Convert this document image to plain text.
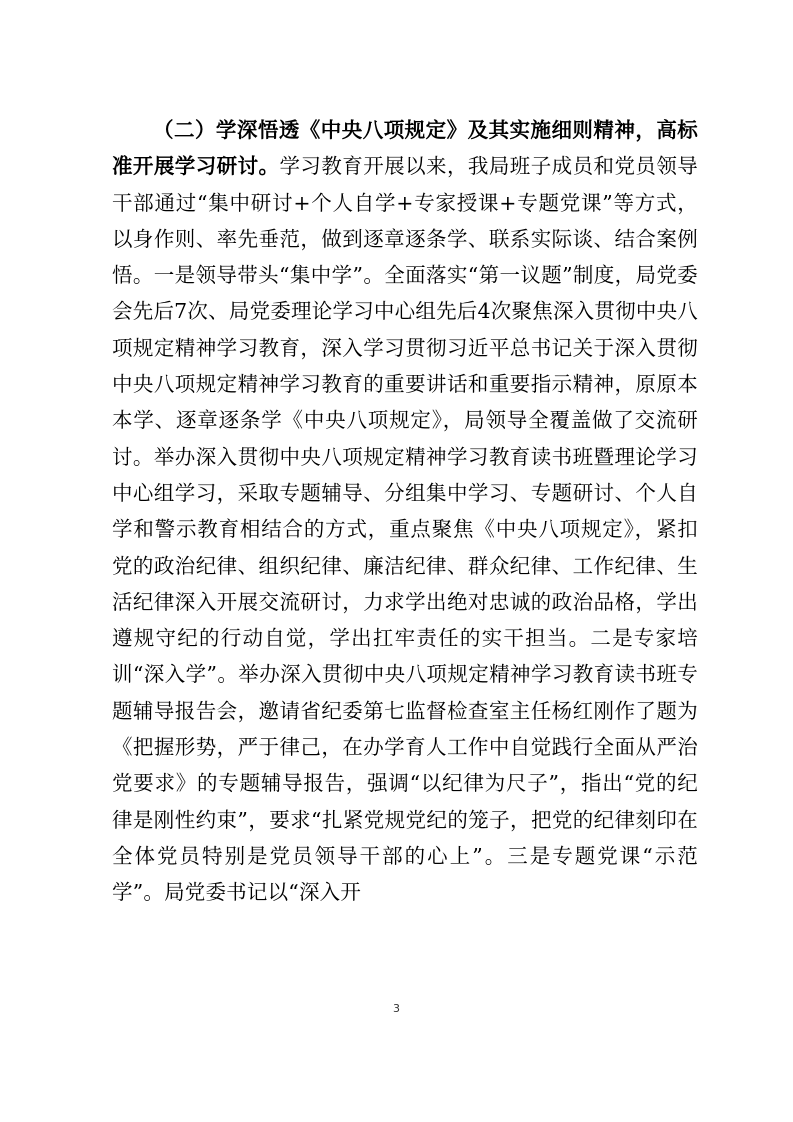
（二）学深悟透《中央八项规定》及其实施细则精神，高标准开展学习研讨。学习教育开展以来，我局班子成员和党员领导干部通过“集中研讨+个人自学+专家授课+专题党课”等方式，以身作则、率先垂范，做到逐章逐条学、联系实际谈、结合案例悟。一是领导带头“集中学”。全面落实“第一议题”制度，局党委会先后7次、局党委理论学习中心组先后4次聚焦深入贯彻中央八项规定精神学习教育，深入学习贯彻习近平总书记关于深入贯彻中央八项规定精神学习教育的重要讲话和重要指示精神，原原本本学、逐章逐条学《中央八项规定》，局领导全覆盖做了交流研讨。举办深入贯彻中央八项规定精神学习教育读书班暨理论学习中心组学习，采取专题辅导、分组集中学习、专题研讨、个人自学和警示教育相结合的方式，重点聚焦《中央八项规定》，紧扣党的政治纪律、组织纪律、廉洁纪律、群众纪律、工作纪律、生活纪律深入开展交流研讨，力求学出绝对忠诚的政治品格，学出遵规守纪的行动自觉，学出扛牢责任的实干担当。二是专家培训“深入学”。举办深入贯彻中央八项规定精神学习教育读书班专题辅导报告会，邀请省纪委第七监督检查室主任杨红刚作了题为《把握形势，严于律己，在办学育人工作中自觉践行全面从严治党要求》的专题辅导报告，强调“以纪律为尺子”，指出“党的纪律是刚性约束”，要求“扎紧党规党纪的笼子，把党的纪律刻印在全体党员特别是党员领导干部的心上”。三是专题党课“示范学”。局党委书记以“深入开

3
